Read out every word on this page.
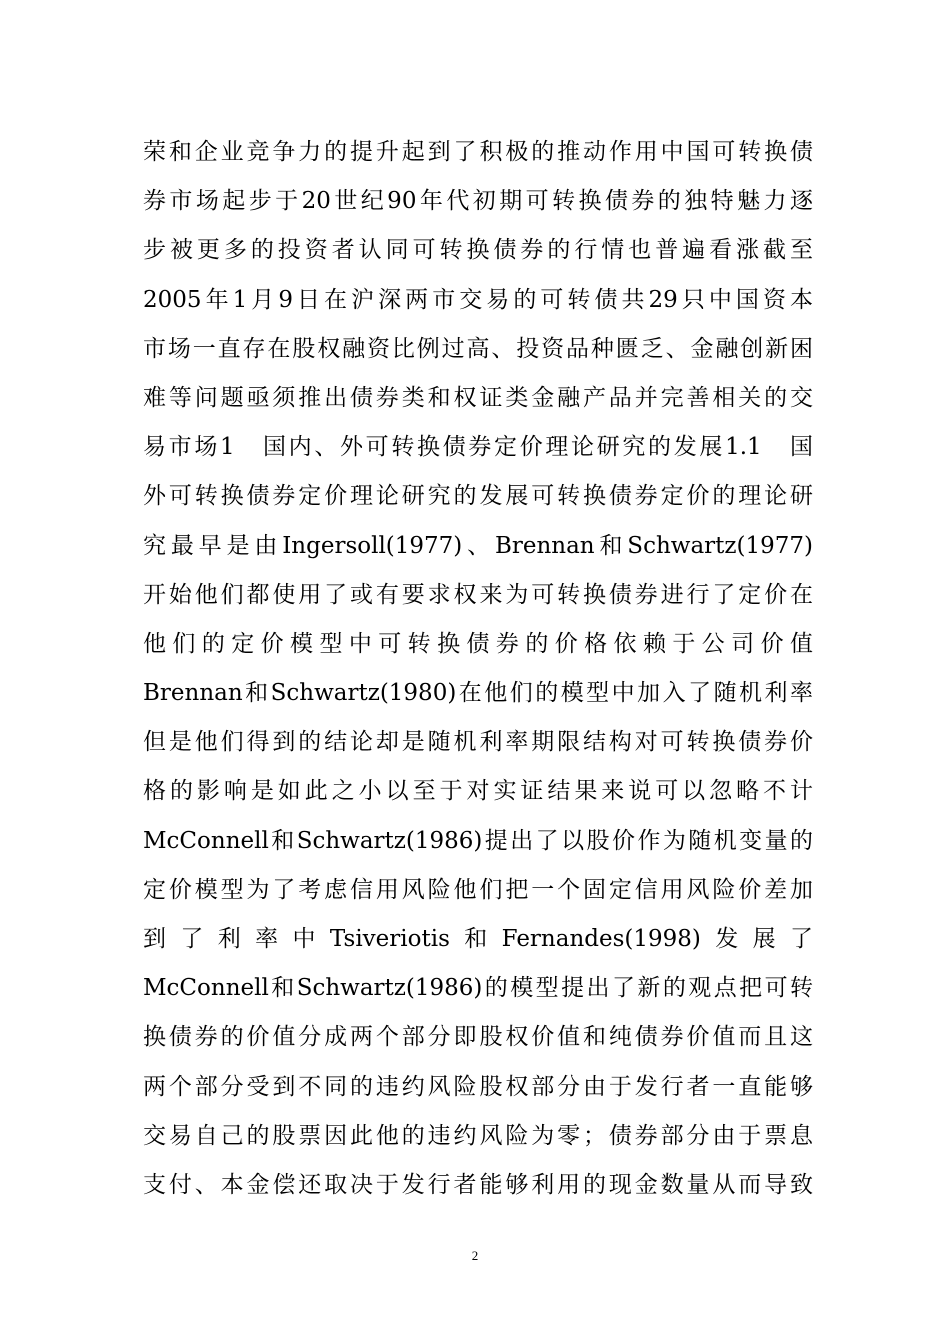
荣和企业竞争力的提升起到了积极的推动作用中国可转换债
券市场起步于20世纪90年代初期可转换债券的独特魅力逐
步被更多的投资者认同可转换债券的行情也普遍看涨截至
2005年1月9日在沪深两市交易的可转债共29只中国资本
市场一直存在股权融资比例过高、投资品种匮乏、金融创新困
难等问题亟须推出债券类和权证类金融产品并完善相关的交
易市场1　国内、外可转换债券定价理论研究的发展1.1　国
外可转换债券定价理论研究的发展可转换债券定价的理论研
究最早是由Ingersoll(1977)、Brennan和Schwartz(1977)
开始他们都使用了或有要求权来为可转换债券进行了定价在
他们的定价模型中可转换债券的价格依赖于公司价值
Brennan和Schwartz(1980)在他们的模型中加入了随机利率
但是他们得到的结论却是随机利率期限结构对可转换债券价
格的影响是如此之小以至于对实证结果来说可以忽略不计
McConnell和Schwartz(1986)提出了以股价作为随机变量的
定价模型为了考虑信用风险他们把一个固定信用风险价差加
到了利率中Tsiveriotis和Fernandes(1998)发展了
McConnell和Schwartz(1986)的模型提出了新的观点把可转
换债券的价值分成两个部分即股权价值和纯债券价值而且这
两个部分受到不同的违约风险股权部分由于发行者一直能够
交易自己的股票因此他的违约风险为零；债券部分由于票息
支付、本金偿还取决于发行者能够利用的现金数量从而导致
2
